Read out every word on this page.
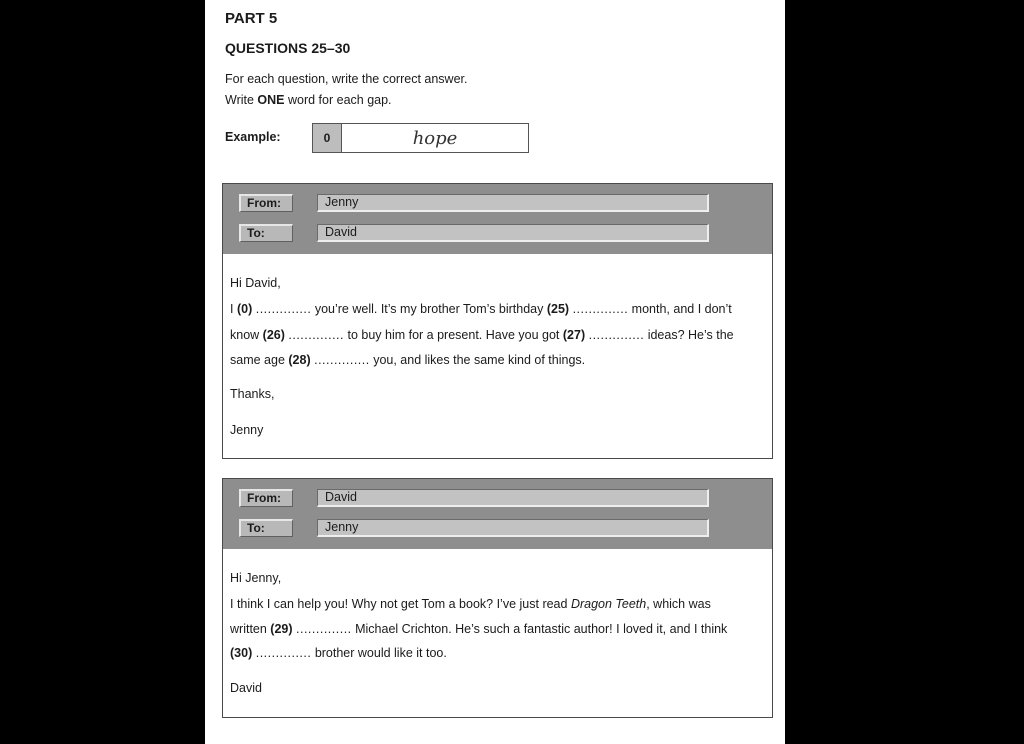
PART 5
QUESTIONS 25–30
For each question, write the correct answer.
Write ONE word for each gap.
Example:	0	hope
From:	Jenny
To:	David
Hi David,
I (0) .............. you’re well. It’s my brother Tom’s birthday (25) .............. month, and I don’t
know (26) .............. to buy him for a present. Have you got (27) .............. ideas? He’s the
same age (28) .............. you, and likes the same kind of things.
Thanks,
Jenny
From:	David
To:	Jenny
Hi Jenny,
I think I can help you! Why not get Tom a book? I’ve just read Dragon Teeth, which was
written (29) .............. Michael Crichton. He’s such a fantastic author! I loved it, and I think
(30) .............. brother would like it too.
David
